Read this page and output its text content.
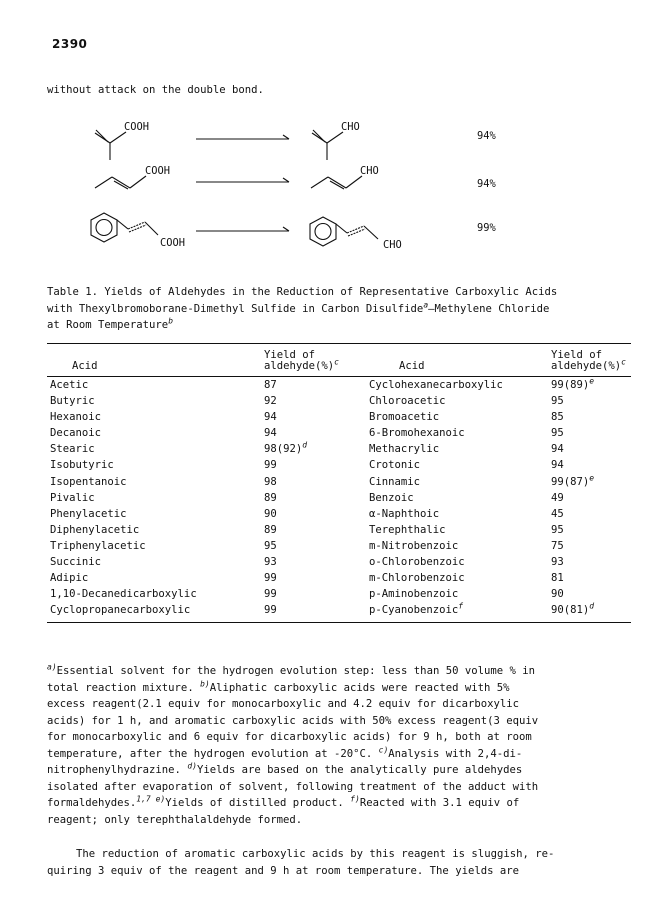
2390
without attack on the double bond.
COOH	CHO
COOH	CHO
COOH	CHO
94%
94%
99%
Table 1. Yields of Aldehydes in the Reduction of Representative Carboxylic Acids
with Thexylbromoborane-Dimethyl Sulfide in Carbon Disulfide$^a$—Methylene Chloride
at Room Temperature$^b$
Acid	
Yield of
aldehyde(%)$^c$	Acid	
Yield of
aldehyde(%)$^c$
Acetic	87	Cyclohexanecarboxylic	$99(89)^e$
Butyric	92	Chloroacetic	95
Hexanoic	94	Bromoacetic	85
Decanoic	94	6-Bromohexanoic	95
Stearic	$98(92)^d$	Methacrylic	94
Isobutyric	99	Crotonic	94
Isopentanoic	98	Cinnamic	$99(87)^e$
Pivalic	89	Benzoic	49
Phenylacetic	90	α-Naphthoic	45
Diphenylacetic	89	Terephthalic	95
Triphenylacetic	95	m-Nitrobenzoic	75
Succinic	93	o-Chlorobenzoic	93
Adipic	99	m-Chlorobenzoic	81
1,10-Decanedicarboxylic	99	p-Aminobenzoic	90
Cyclopropanecarboxylic	99	p-Cyanobenzoic$^f$	$90(81)^d$
$^{a)}$Essential solvent for the hydrogen evolution step: less than 50 volume % in
total reaction mixture. $^{b)}$Aliphatic carboxylic acids were reacted with 5%
excess reagent(2.1 equiv for monocarboxylic and 4.2 equiv for dicarboxylic
acids) for 1 h, and aromatic carboxylic acids with 50% excess reagent(3 equiv
for monocarboxylic and 6 equiv for dicarboxylic acids) for 9 h, both at room
temperature, after the hydrogen evolution at -20°C. $^{c)}$Analysis with 2,4-di-
nitrophenylhydrazine. $^{d)}$Yields are based on the analytically pure aldehydes
isolated after evaporation of solvent, following treatment of the adduct with
formaldehydes.$^{1,7 e)}$Yields of distilled product. $^{f)}$Reacted with 3.1 equiv of
reagent; only terephthalaldehyde formed.
The reduction of aromatic carboxylic acids by this reagent is sluggish, re-
quiring 3 equiv of the reagent and 9 h at room temperature. The yields are
